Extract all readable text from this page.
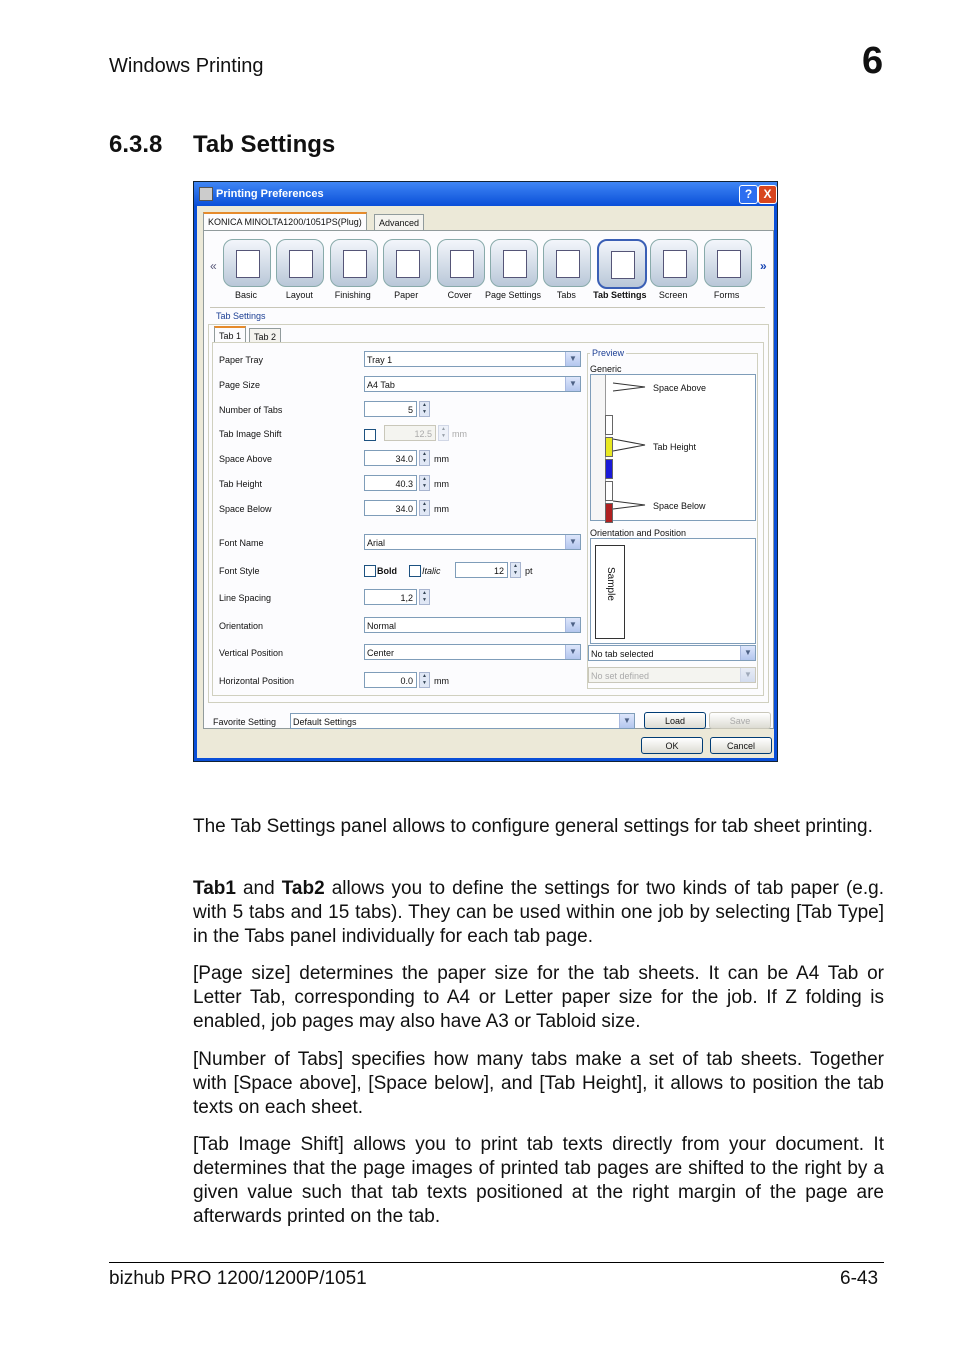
Windows Printing	6
6.3.8 Tab Settings
Printing Preferences	? X
KONICA MINOLTA1200/1051PS(Plug)	Advanced
«	»
Basic	Layout	Finishing	Paper	Cover	Page Settings	Tabs	Tab Settings	Screen	Forms
Tab Settings
Tab 1	Tab 2
Paper Tray	Tray 1	▼
Page Size	A4 Tab	▼
Number of Tabs	5	▲
▼
Tab Image Shift	12.5	▲
▼ mm
Space Above	34.0	▲
▼ mm
Tab Height	40.3	▲
▼ mm
Space Below	34.0	▲
▼ mm
Font Name	Arial	▼
Font Style	Bold	Italic	12	▲
▼ pt
Line Spacing	1,2	▲
▼
Orientation	Normal	▼
Vertical Position	Center	▼
Horizontal Position	0.0	▲
▼ mm
Preview
Generic
Space Above
Tab Height
Space Below
Orientation and Position
Sample
No tab selected	▼
No set defined	▼
Favorite Setting	Default Settings	▼	Load	Save
OK	Cancel
The Tab Settings panel allows to configure general settings for tab sheet printing.
Tab1 and Tab2 allows you to define the settings for two kinds of tab paper (e.g. with 5 tabs and 15 tabs). They can be used within one job by selecting [Tab Type] in the Tabs panel individually for each tab page.
[Page size] determines the paper size for the tab sheets. It can be A4 Tab or Letter Tab, corresponding to A4 or Letter paper size for the job. If Z folding is enabled, job pages may also have A3 or Tabloid size.
[Number of Tabs] specifies how many tabs make a set of tab sheets. Together with [Space above], [Space below], and [Tab Height], it allows to position the tab texts on each sheet.
[Tab Image Shift] allows you to print tab texts directly from your document. It determines that the page images of printed tab pages are shifted to the right by a given value such that tab texts positioned at the right margin of the page are afterwards printed on the tab.
bizhub PRO 1200/1200P/1051	6-43
